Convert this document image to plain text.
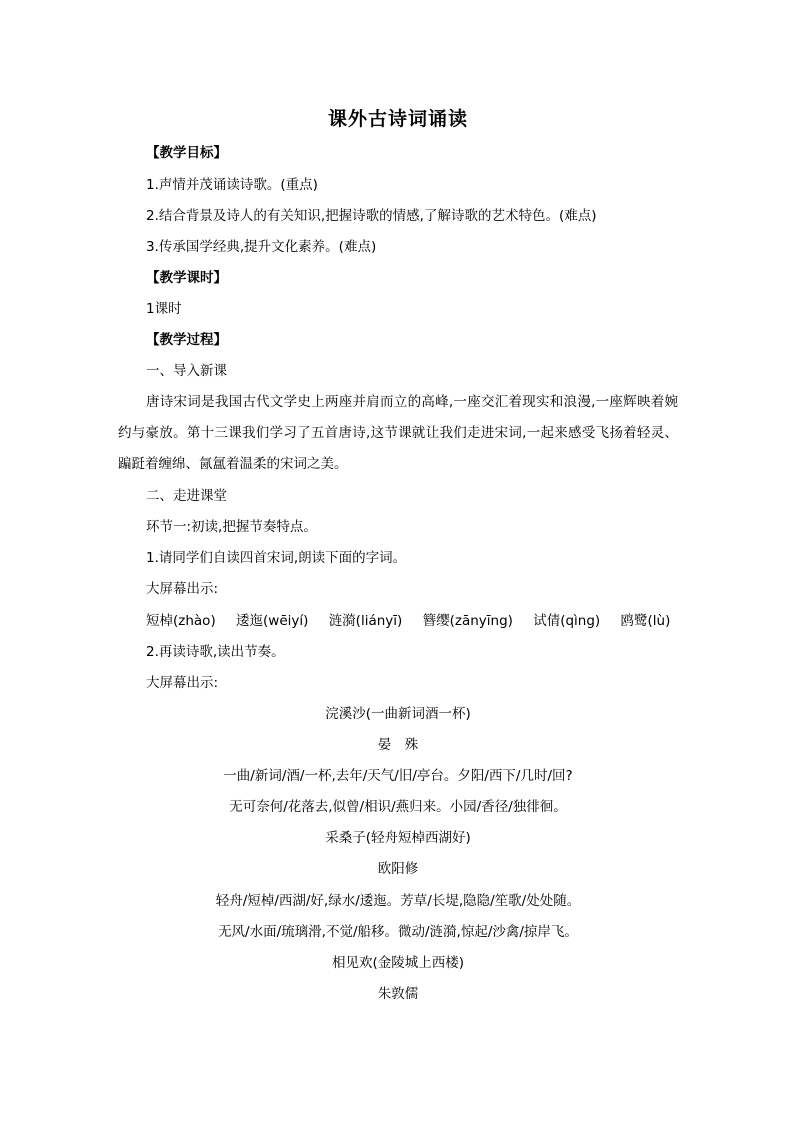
课外古诗词诵读
【教学目标】
1.声情并茂诵读诗歌。(重点)
2.结合背景及诗人的有关知识,把握诗歌的情感,了解诗歌的艺术特色。(难点)
3.传承国学经典,提升文化素养。(难点)
【教学课时】
1课时
【教学过程】
一、导入新课
唐诗宋词是我国古代文学史上两座并肩而立的高峰,一座交汇着现实和浪漫,一座辉映着婉约与豪放。第十三课我们学习了五首唐诗,这节课就让我们走进宋词,一起来感受飞扬着轻灵、蹁跹着缠绵、氤氲着温柔的宋词之美。
二、走进课堂
环节一:初读,把握节奏特点。
1.请同学们自读四首宋词,朗读下面的字词。
大屏幕出示:
短棹(zhào) 逶迤(wēiyí) 涟漪(liányī) 簪缨(zānyīng) 试倩(qìng) 鸥鹭(lù)
2.再读诗歌,读出节奏。
大屏幕出示:
浣溪沙(一曲新词酒一杯)
晏　殊
一曲/新词/酒/一杯,去年/天气/旧/亭台。夕阳/西下/几时/回?
无可奈何/花落去,似曾/相识/燕归来。小园/香径/独徘徊。
采桑子(轻舟短棹西湖好)
欧阳修
轻舟/短棹/西湖/好,绿水/逶迤。芳草/长堤,隐隐/笙歌/处处随。
无风/水面/琉璃滑,不觉/船移。微动/涟漪,惊起/沙禽/掠岸飞。
相见欢(金陵城上西楼)
朱敦儒
